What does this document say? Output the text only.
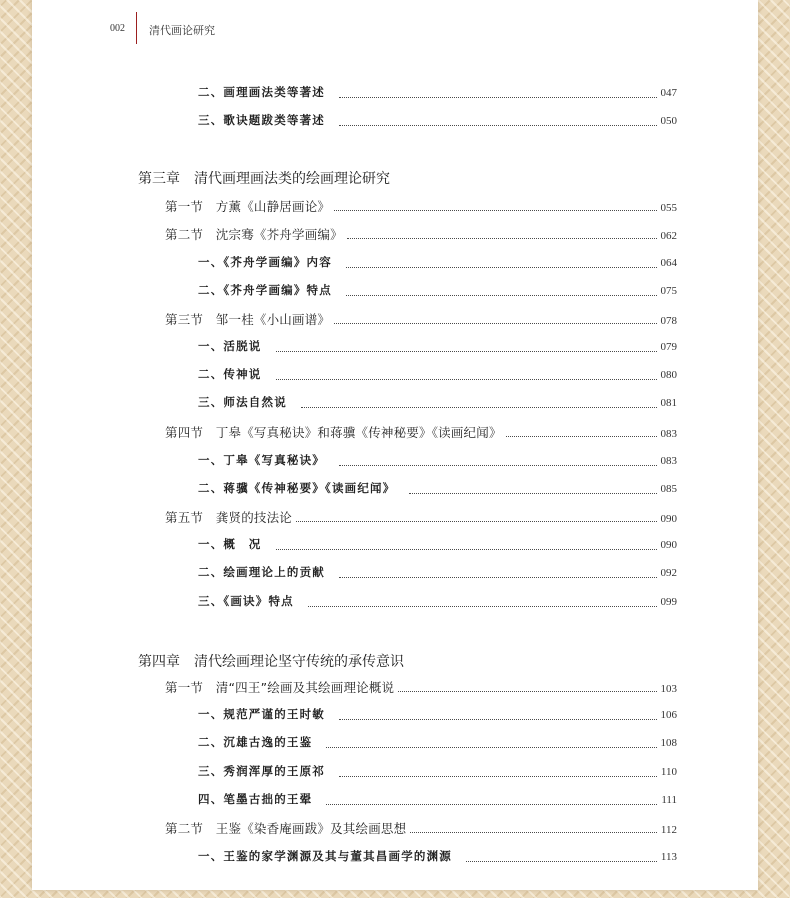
002 清代画论研究
二、画理画法类等著述	047
三、歌诀题跋类等著述	050
第三章　清代画理画法类的绘画理论研究
第一节　方薰《山静居画论》	055
第二节　沈宗骞《芥舟学画编》	062
一、《芥舟学画编》内容	064
二、《芥舟学画编》特点	075
第三节　邹一桂《小山画谱》	078
一、活脱说	079
二、传神说	080
三、师法自然说	081
第四节　丁皋《写真秘诀》和蒋骥《传神秘要》《读画纪闻》	083
一、丁皋《写真秘诀》	083
二、蒋骥《传神秘要》《读画纪闻》	085
第五节　龚贤的技法论	090
一、概　况	090
二、绘画理论上的贡献	092
三、《画诀》特点	099
第四章　清代绘画理论坚守传统的承传意识
第一节　清“四王”绘画及其绘画理论概说	103
一、规范严谨的王时敏	106
二、沉雄古逸的王鉴	108
三、秀润浑厚的王原祁	110
四、笔墨古拙的王翚	111
第二节　王鉴《染香庵画跋》及其绘画思想	112
一、王鉴的家学渊源及其与董其昌画学的渊源	113
